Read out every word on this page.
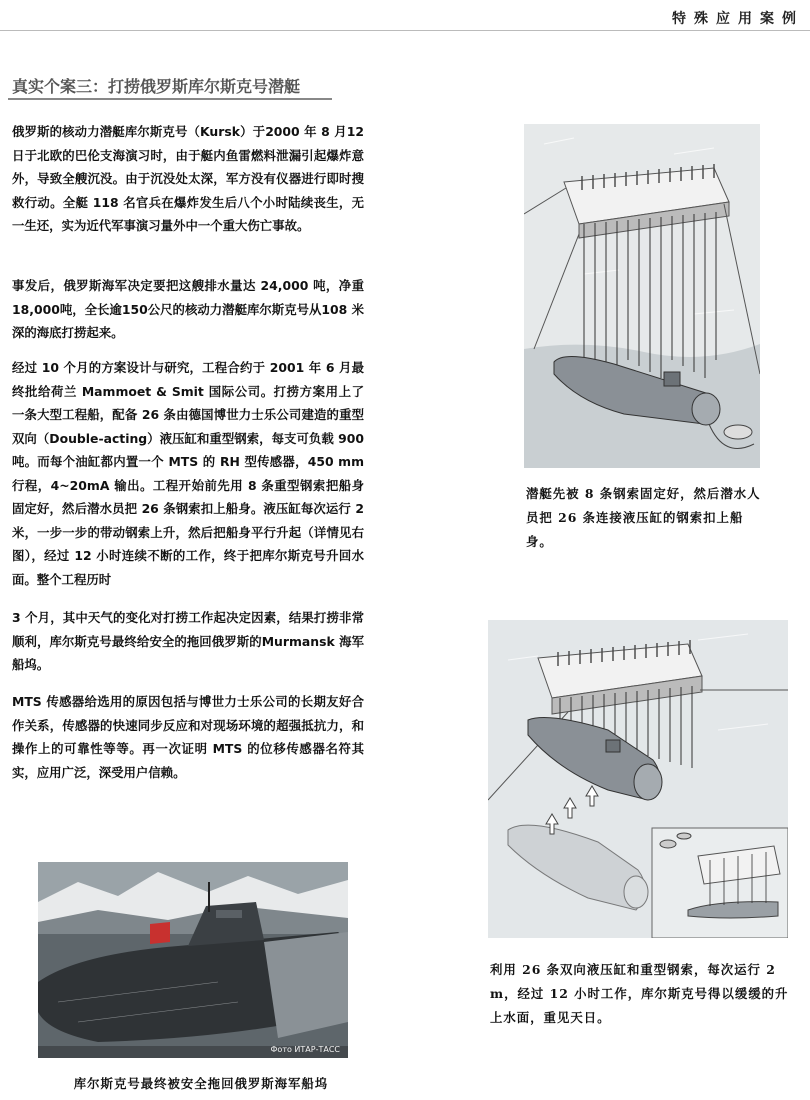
特殊应用案例
真实个案三：打捞俄罗斯库尔斯克号潜艇

俄罗斯的核动力潜艇库尔斯克号（Kursk）于2000 年 8 月12日于北欧的巴伦支海演习时，由于艇内鱼雷燃料泄漏引起爆炸意外，导致全艘沉没。由于沉没处太深，军方没有仪器进行即时搜救行动。全艇 118 名官兵在爆炸发生后八个小时陆续丧生，无一生还，实为近代军事演习量外中一个重大伤亡事故。

事发后，俄罗斯海军决定要把这艘排水量达 24,000 吨，净重18,000吨，全长逾150公尺的核动力潜艇库尔斯克号从108 米深的海底打捞起来。

经过 10 个月的方案设计与研究，工程合约于 2001 年 6 月最终批给荷兰 Mammoet & Smit 国际公司。打捞方案用上了一条大型工程船，配备 26 条由德国博世力士乐公司建造的重型双向（Double-acting）液压缸和重型钢索，每支可负载 900 吨。而每个油缸都内置一个 MTS 的 RH 型传感器，450 mm 行程，4~20mA 输出。工程开始前先用 8 条重型钢索把船身固定好，然后潜水员把 26 条钢索扣上船身。液压缸每次运行 2米，一步一步的带动钢索上升，然后把船身平行升起（详情见右图），经过 12 小时连续不断的工作，终于把库尔斯克号升回水面。整个工程历时

3 个月，其中天气的变化对打捞工作起决定因素，结果打捞非常顺利，库尔斯克号最终给安全的拖回俄罗斯的Murmansk 海军船坞。

MTS 传感器给选用的原因包括与博世力士乐公司的长期友好合作关系，传感器的快速同步反应和对现场环境的超强抵抗力，和操作上的可靠性等等。再一次证明 MTS 的位移传感器名符其实，应用广泛，深受用户信赖。

潜艇先被 8 条钢索固定好，然后潜水人员把 26 条连接液压缸的钢索扣上船身。

利用 26 条双向液压缸和重型钢索，每次运行 2 m，经过 12 小时工作，库尔斯克号得以缓缓的升上水面，重见天日。

Фото ИТАР-ТАСС

库尔斯克号最终被安全拖回俄罗斯海军船坞
